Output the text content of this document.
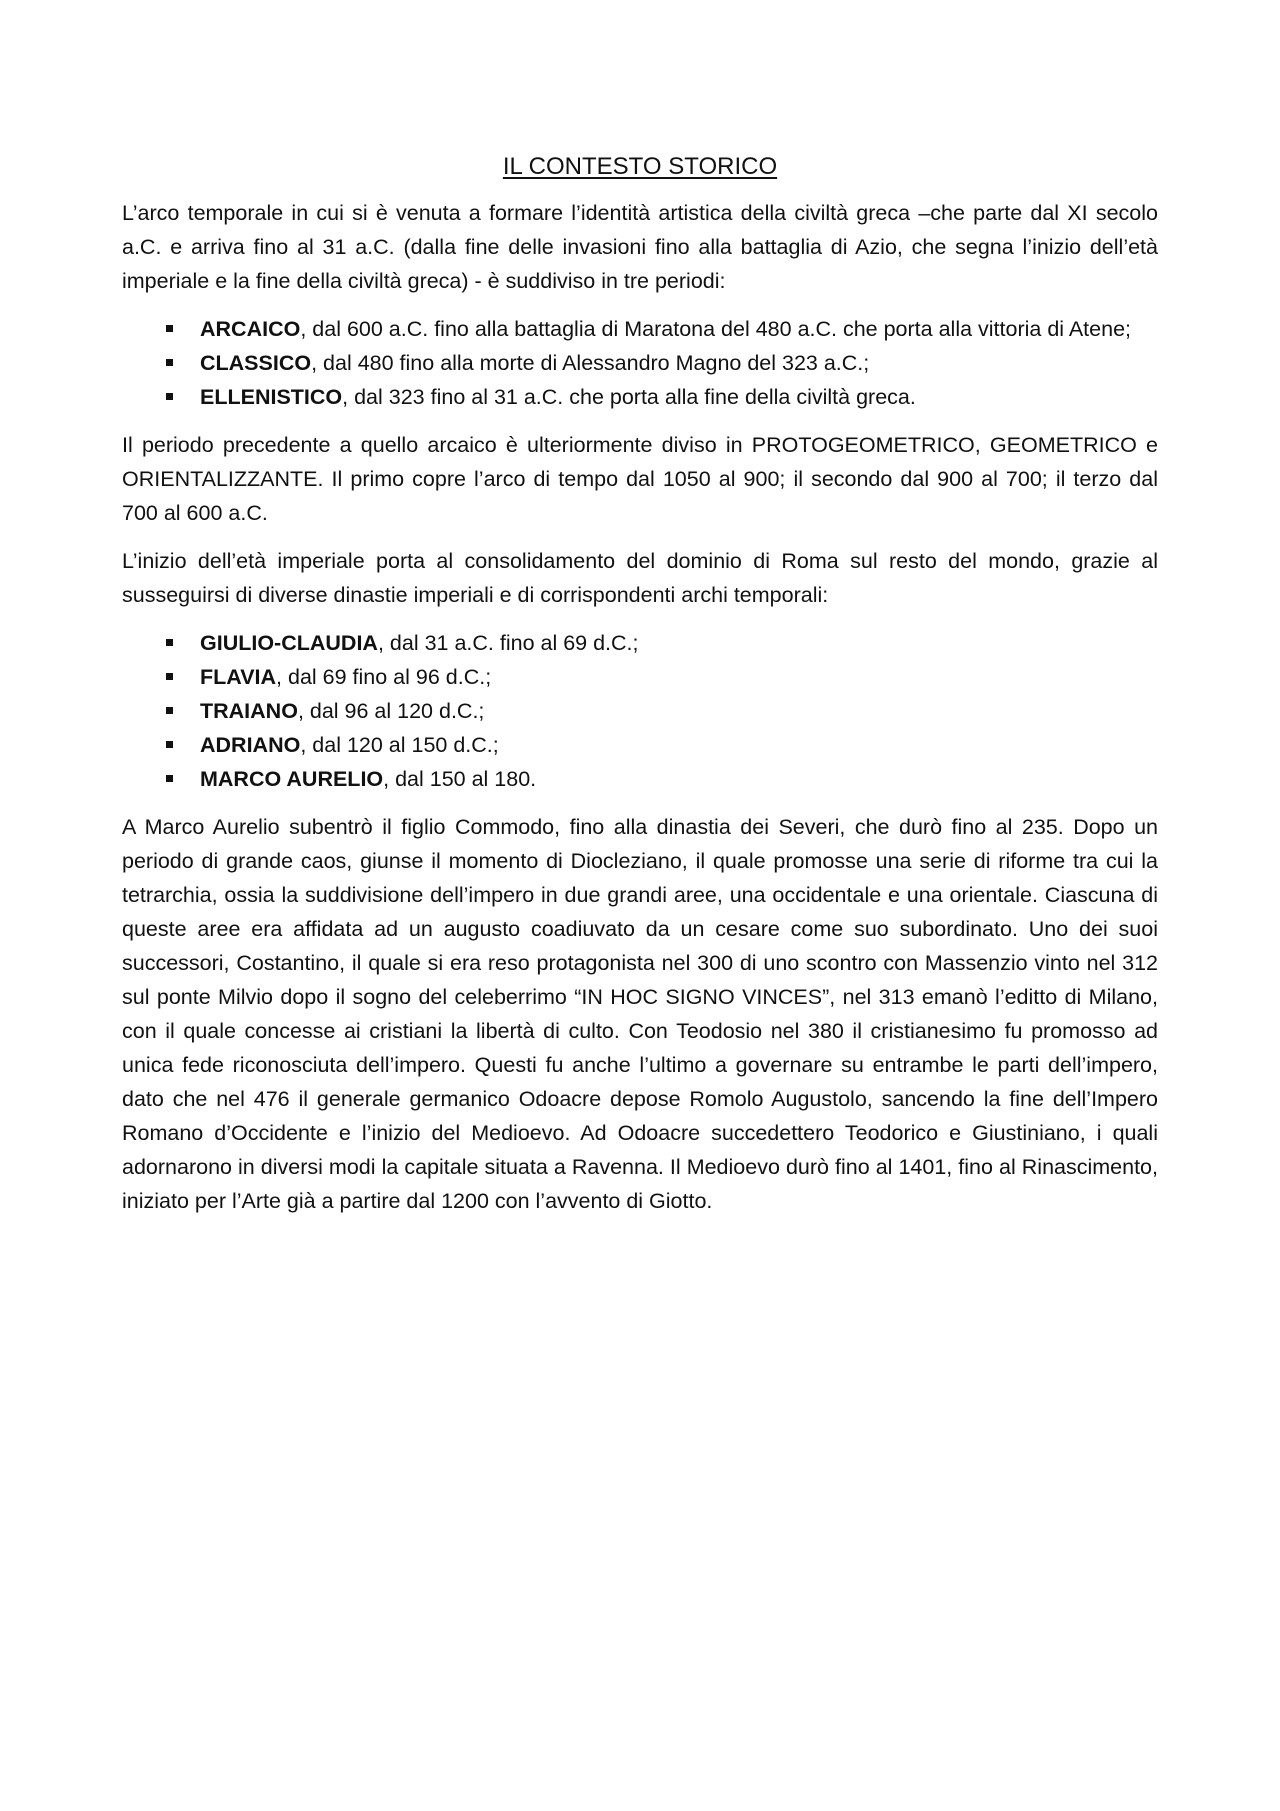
IL CONTESTO STORICO

L’arco temporale in cui si è venuta a formare l’identità artistica della civiltà greca –che parte dal XI secolo a.C. e arriva fino al 31 a.C. (dalla fine delle invasioni fino alla battaglia di Azio, che segna l’inizio dell’età imperiale e la fine della civiltà greca) - è suddiviso in tre periodi:

ARCAICO, dal 600 a.C. fino alla battaglia di Maratona del 480 a.C. che porta alla vittoria di Atene;
CLASSICO, dal 480 fino alla morte di Alessandro Magno del 323 a.C.;
ELLENISTICO, dal 323 fino al 31 a.C. che porta alla fine della civiltà greca.

Il periodo precedente a quello arcaico è ulteriormente diviso in PROTOGEOMETRICO, GEOMETRICO e ORIENTALIZZANTE. Il primo copre l’arco di tempo dal 1050 al 900; il secondo dal 900 al 700; il terzo dal 700 al 600 a.C.

L’inizio dell’età imperiale porta al consolidamento del dominio di Roma sul resto del mondo, grazie al susseguirsi di diverse dinastie imperiali e di corrispondenti archi temporali:

GIULIO-CLAUDIA, dal 31 a.C. fino al 69 d.C.;
FLAVIA, dal 69 fino al 96 d.C.;
TRAIANO, dal 96 al 120 d.C.;
ADRIANO, dal 120 al 150 d.C.;
MARCO AURELIO, dal 150 al 180.

A Marco Aurelio subentrò il figlio Commodo, fino alla dinastia dei Severi, che durò fino al 235. Dopo un periodo di grande caos, giunse il momento di Diocleziano, il quale promosse una serie di riforme tra cui la tetrarchia, ossia la suddivisione dell’impero in due grandi aree, una occidentale e una orientale. Ciascuna di queste aree era affidata ad un augusto coadiuvato da un cesare come suo subordinato. Uno dei suoi successori, Costantino, il quale si era reso protagonista nel 300 di uno scontro con Massenzio vinto nel 312 sul ponte Milvio dopo il sogno del celeberrimo “IN HOC SIGNO VINCES”, nel 313 emanò l’editto di Milano, con il quale concesse ai cristiani la libertà di culto. Con Teodosio nel 380 il cristianesimo fu promosso ad unica fede riconosciuta dell’impero. Questi fu anche l’ultimo a governare su entrambe le parti dell’impero, dato che nel 476 il generale germanico Odoacre depose Romolo Augustolo, sancendo la fine dell’Impero Romano d’Occidente e l’inizio del Medioevo. Ad Odoacre succedettero Teodorico e Giustiniano, i quali adornarono in diversi modi la capitale situata a Ravenna. Il Medioevo durò fino al 1401, fino al Rinascimento, iniziato per l’Arte già a partire dal 1200 con l’avvento di Giotto.
